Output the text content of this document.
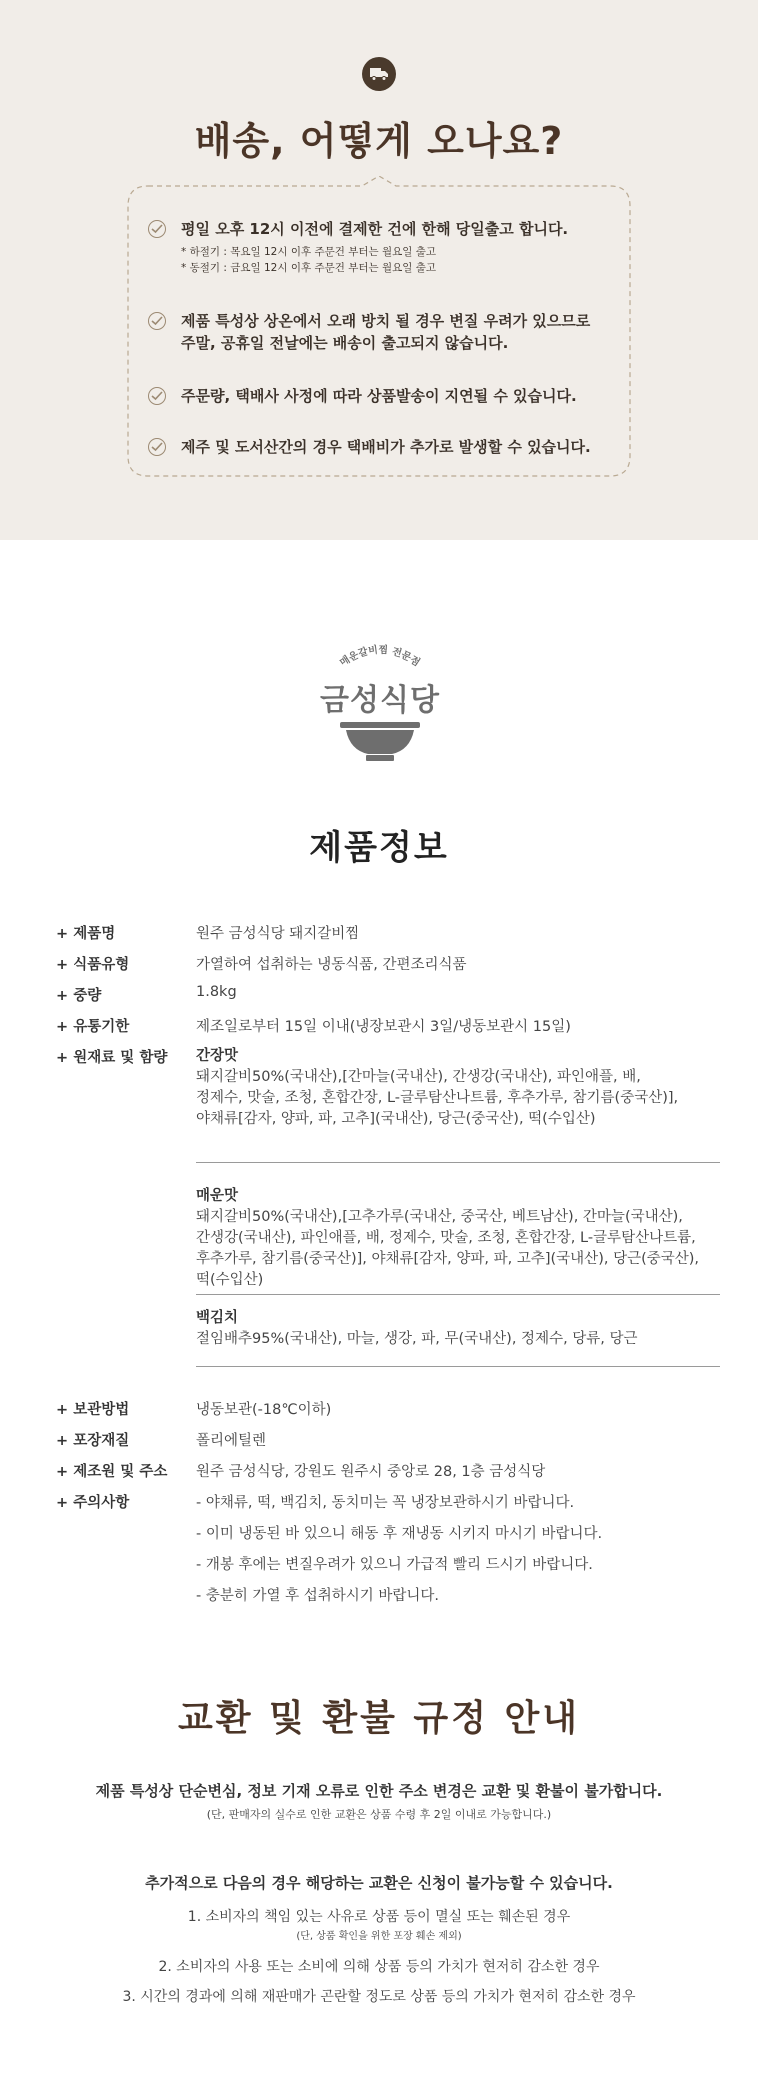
배송, 어떻게 오나요?
평일 오후 12시 이전에 결제한 건에 한해 당일출고 합니다.
* 하절기 : 목요일 12시 이후 주문건 부터는 월요일 출고
* 동절기 : 금요일 12시 이후 주문건 부터는 월요일 출고
제품 특성상 상온에서 오래 방치 될 경우 변질 우려가 있으므로
주말, 공휴일 전날에는 배송이 출고되지 않습니다.
주문량, 택배사 사정에 따라 상품발송이 지연될 수 있습니다.
제주 및 도서산간의 경우 택배비가 추가로 발생할 수 있습니다.
매운갈비찜 전문점
금성식당
제품정보
+ 제품명	원주 금성식당 돼지갈비찜
+ 식품유형	가열하여 섭취하는 냉동식품, 간편조리식품
+ 중량	1.8kg
+ 유통기한	제조일로부터 15일 이내(냉장보관시 3일/냉동보관시 15일)
+ 원재료 및 함량 간장맛
돼지갈비50%(국내산),[간마늘(국내산), 간생강(국내산), 파인애플, 배,
정제수, 맛술, 조청, 혼합간장, L-글루탐산나트륨, 후추가루, 참기름(중국산)],
야채류[감자, 양파, 파, 고추](국내산), 당근(중국산), 떡(수입산)
매운맛
돼지갈비50%(국내산),[고추가루(국내산, 중국산, 베트남산), 간마늘(국내산),
간생강(국내산), 파인애플, 배, 정제수, 맛술, 조청, 혼합간장, L-글루탐산나트륨,
후추가루, 참기름(중국산)], 야채류[감자, 양파, 파, 고추](국내산), 당근(중국산),
떡(수입산)
백김치
절임배추95%(국내산), 마늘, 생강, 파, 무(국내산), 정제수, 당류, 당근
+ 보관방법	냉동보관(-18℃이하)
+ 포장재질	폴리에틸렌
+ 제조원 및 주소 원주 금성식당, 강원도 원주시 중앙로 28, 1층 금성식당
+ 주의사항	- 야채류, 떡, 백김치, 동치미는 꼭 냉장보관하시기 바랍니다.
- 이미 냉동된 바 있으니 해동 후 재냉동 시키지 마시기 바랍니다.
- 개봉 후에는 변질우려가 있으니 가급적 빨리 드시기 바랍니다.
- 충분히 가열 후 섭취하시기 바랍니다.
교환 및 환불 규정 안내
제품 특성상 단순변심, 정보 기재 오류로 인한 주소 변경은 교환 및 환불이 불가합니다.
(단, 판매자의 실수로 인한 교환은 상품 수령 후 2일 이내로 가능합니다.)
추가적으로 다음의 경우 해당하는 교환은 신청이 불가능할 수 있습니다.
1. 소비자의 책임 있는 사유로 상품 등이 멸실 또는 훼손된 경우
(단, 상품 확인을 위한 포장 훼손 제외)
2. 소비자의 사용 또는 소비에 의해 상품 등의 가치가 현저히 감소한 경우
3. 시간의 경과에 의해 재판매가 곤란할 정도로 상품 등의 가치가 현저히 감소한 경우
